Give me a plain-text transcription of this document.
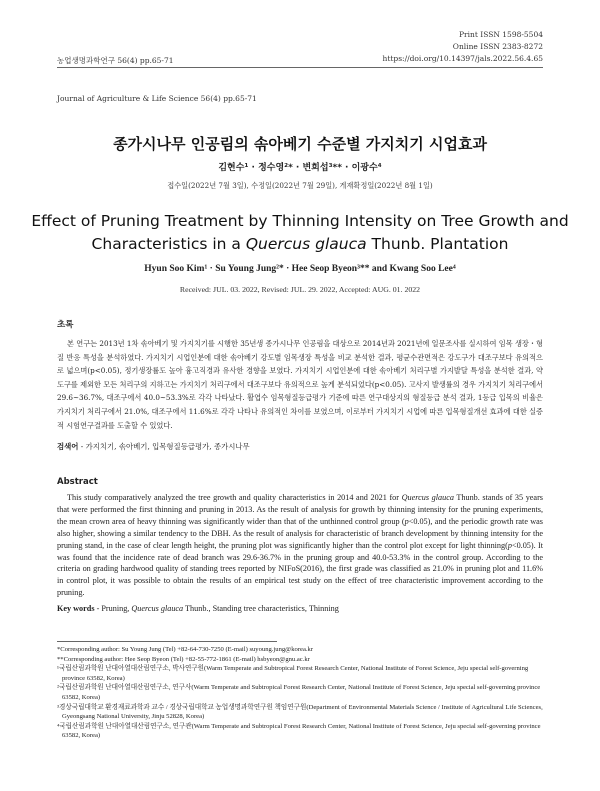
Print ISSN 1598-5504
Online ISSN 2383-8272
https://doi.org/10.14397/jals.2022.56.4.65
농업생명과학연구 56(4) pp.65-71
Journal of Agriculture & Life Science 56(4) pp.65-71
종가시나무 인공림의 솎아베기 수준별 가지치기 시업효과
김현수¹ · 정수영²* · 변희섭³** · 이광수⁴
접수일(2022년 7월 3일), 수정일(2022년 7월 29일), 게재확정일(2022년 8월 1일)
Effect of Pruning Treatment by Thinning Intensity on Tree Growth and
Characteristics in a Quercus glauca Thunb. Plantation
Hyun Soo Kim¹ · Su Young Jung²* · Hee Seop Byeon³** and Kwang Soo Lee⁴
Received: JUL. 03. 2022, Revised: JUL. 29. 2022, Accepted: AUG. 01. 2022
초록
본 연구는 2013년 1차 솎아베기 및 가지치기를 시행한 35년생 종가시나무 인공림을 대상으로 2014년과 2021년에 일문조사를 실시하여 임목 생장・형질 반응 특성을 분석하였다. 가지치기 시업인분에 대한 솎아베기 강도별 임목생장 특성을 비교 분석한 결과, 평균수관면적은 강도구가 대조구보다 유의적으로 넓으며(p<0.05), 정기생장률도 높아 흉고직경과 유사한 경향을 보였다. 가지치기 시업인분에 대한 솎아베기 처리구별 가지발달 특성을 분석한 결과, 약도구를 제외한 모든 처리구의 지하고는 가지치기 처리구에서 대조구보다 유의적으로 높게 분석되었다(p<0.05). 고사지 발생률의 경우 가지치기 처리구에서 29.6~36.7%, 대조구에서 40.0~53.3%로 각각 나타났다. 활엽수 임목형질등급평가 기준에 따른 연구대상지의 형질등급 분석 결과, 1등급 입목의 비율은 가지치기 처리구에서 21.0%, 대조구에서 11.6%로 각각 나타나 유의적인 차이를 보였으며, 이로부터 가지치기 시업에 따른 입목형질개선 효과에 대한 실증적 시험연구결과를 도출할 수 있었다.
검색어 - 가지치기, 솎아베기, 입목형질등급평가, 종가시나무
Abstract
This study comparatively analyzed the tree growth and quality characteristics in 2014 and 2021 for Quercus glauca Thunb. stands of 35 years that were performed the first thinning and pruning in 2013. As the result of analysis for growth by thinning intensity for the pruning experiments, the mean crown area of heavy thinning was significantly wider than that of the unthinned control group (p<0.05), and the periodic growth rate was also higher, showing a similar tendency to the DBH. As the result of analysis for characteristic of branch development by thinning intensity for the pruning stand, in the case of clear length height, the pruning plot was significantly higher than the control plot except for light thinning(p<0.05). It was found that the incidence rate of dead branch was 29.6-36.7% in the pruning group and 40.0-53.3% in the control group. According to the criteria on grading hardwood quality of standing trees reported by NIFoS(2016), the first grade was classified as 21.0% in pruning plot and 11.6% in control plot, it was possible to obtain the results of an empirical test study on the effect of tree characteristic improvement according to the pruning.
Key words - Pruning, Quercus glauca Thunb., Standing tree characteristics, Thinning
*Corresponding author: Su Young Jung (Tel) +82-64-730-7250 (E-mail) suyoung.jung@korea.kr
**Corresponding author: Hee Seop Byeon (Tel) +82-55-772-1861 (E-mail) hsbyeon@gnu.ac.kr
¹국립산림과학원 난대아열대산림연구소, 박사연구원(Warm Temperate and Subtropical Forest Research Center, National Institute of Forest Science, Jeju special self-governing province 63582, Korea)
²국립산림과학원 난대아열대산림연구소, 연구사(Warm Temperate and Subtropical Forest Research Center, National Institute of Forest Science, Jeju special self-governing province 63582, Korea)
³경상국립대학교 환경재료과학과 교수 / 경상국립대학교 농업생명과학연구원 책임연구원(Department of Environmental Materials Science / Institute of Agricultural Life Sciences, Gyeongsang National University, Jinju 52828, Korea)
⁴국립산림과학원 난대아열대산림연구소, 연구관(Warm Temperate and Subtropical Forest Research Center, National Institute of Forest Science, Jeju special self-governing province 63582, Korea)
